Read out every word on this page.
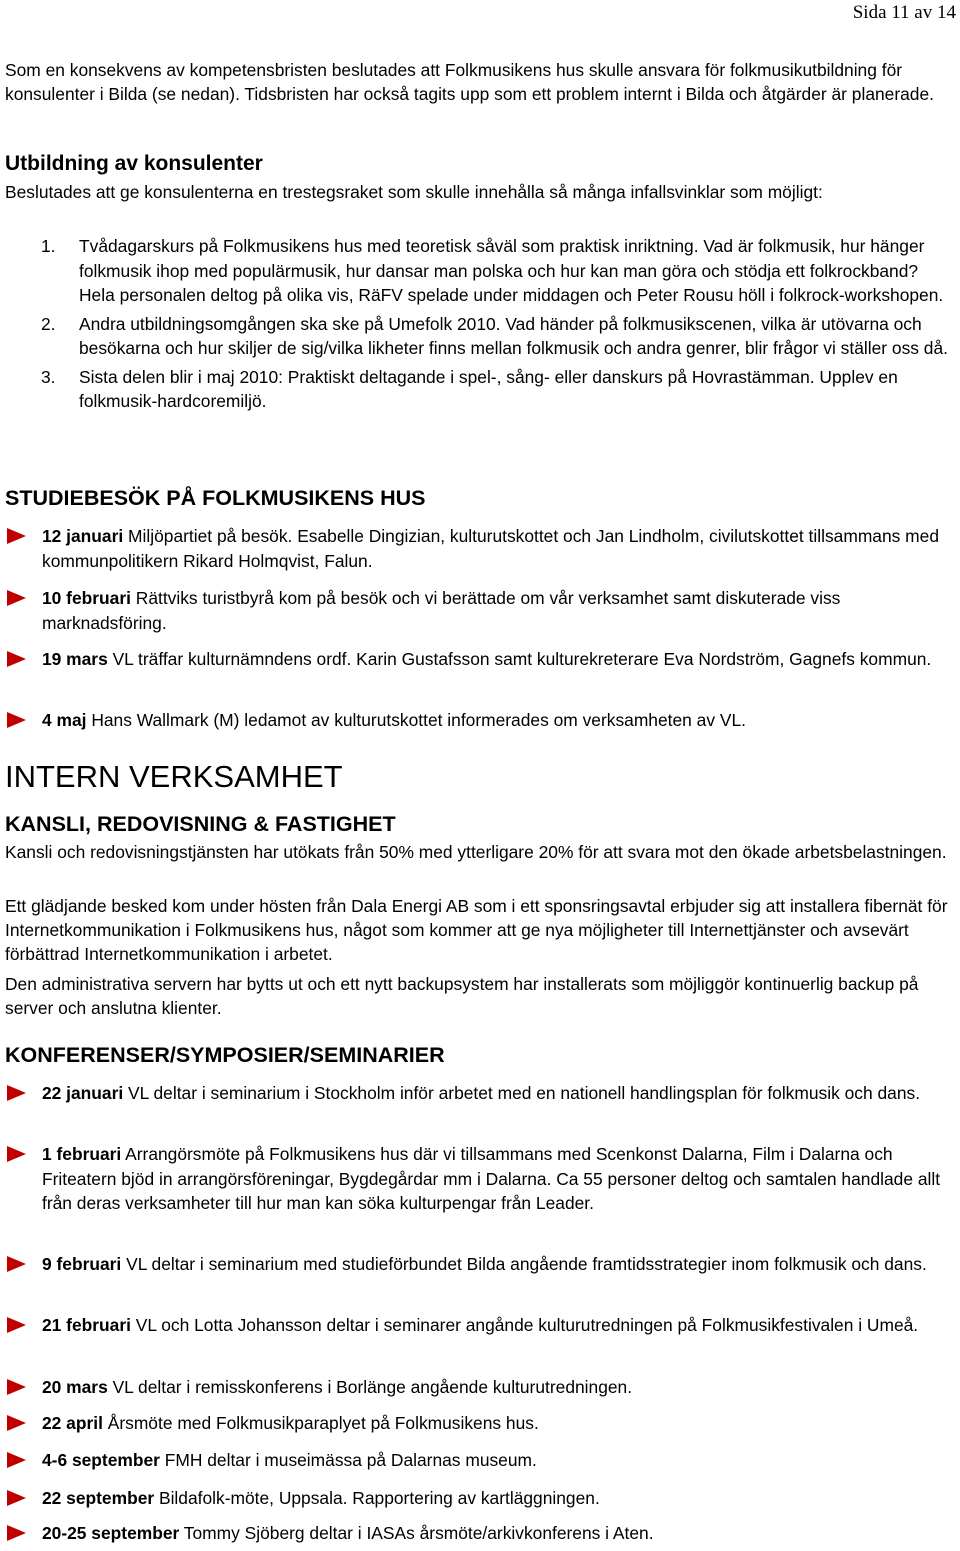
Sida 11 av 14
Som en konsekvens av kompetensbristen beslutades att Folkmusikens hus skulle ansvara för folkmusikutbildning för konsulenter i Bilda (se nedan). Tidsbristen har också tagits upp som ett problem internt i Bilda och åtgärder är planerade.
Utbildning av konsulenter
Beslutades att ge konsulenterna en trestegsraket som skulle innehålla så många infallsvinklar som möjligt:
1. Tvådagarskurs på Folkmusikens hus med teoretisk såväl som praktisk inriktning. Vad är folkmusik, hur hänger folkmusik ihop med populärmusik, hur dansar man polska och hur kan man göra och stödja ett folkrockband? Hela personalen deltog på olika vis, RäFV spelade under middagen och Peter Rousu höll i folkrock-workshopen.
2. Andra utbildningsomgången ska ske på Umefolk 2010. Vad händer på folkmusikscenen, vilka är utövarna och besökarna och hur skiljer de sig/vilka likheter finns mellan folkmusik och andra genrer, blir frågor vi ställer oss då.
3. Sista delen blir i maj 2010: Praktiskt deltagande i spel-, sång- eller danskurs på Hovrastämman. Upplev en folkmusik-hardcoremiljö.
STUDIEBESÖK PÅ FOLKMUSIKENS HUS
12 januari Miljöpartiet på besök. Esabelle Dingizian, kulturutskottet och Jan Lindholm, civilutskottet tillsammans med kommunpolitikern Rikard Holmqvist, Falun.
10 februari Rättviks turistbyrå kom på besök och vi berättade om vår verksamhet samt diskuterade viss marknadsföring.
19 mars VL träffar kulturnämndens ordf. Karin Gustafsson samt kulturekreterare Eva Nordström, Gagnefs kommun.
4 maj Hans Wallmark (M) ledamot av kulturutskottet informerades om verksamheten av VL.
INTERN VERKSAMHET
KANSLI, REDOVISNING & FASTIGHET
Kansli och redovisningstjänsten har utökats från 50% med ytterligare 20% för att svara mot den ökade arbetsbelastningen.
Ett glädjande besked kom under hösten från Dala Energi AB som i ett sponsringsavtal erbjuder sig att installera fibernät för Internetkommunikation i Folkmusikens hus, något som kommer att ge nya möjligheter till Internettjänster och avsevärt förbättrad Internetkommunikation i arbetet.
Den administrativa servern har bytts ut och ett nytt backupsystem har installerats som möjliggör kontinuerlig backup på server och anslutna klienter.
KONFERENSER/SYMPOSIER/SEMINARIER
22 januari VL deltar i seminarium i Stockholm inför arbetet med en nationell handlingsplan för folkmusik och dans.
1 februari Arrangörsmöte på Folkmusikens hus där vi tillsammans med Scenkonst Dalarna, Film i Dalarna och Friteatern bjöd in arrangörsföreningar, Bygdegårdar mm i Dalarna. Ca 55 personer deltog och samtalen handlade allt från deras verksamheter till hur man kan söka kulturpengar från Leader.
9 februari VL deltar i seminarium med studieförbundet Bilda angående framtidsstrategier inom folkmusik och dans.
21 februari VL och Lotta Johansson deltar i seminarer angånde kulturutredningen på Folkmusikfestivalen i Umeå.
20 mars VL deltar i remisskonferens i Borlänge angående kulturutredningen.
22 april Årsmöte med Folkmusikparaplyet på Folkmusikens hus.
4-6 september FMH deltar i museimässa på Dalarnas museum.
22 september Bildafolk-möte, Uppsala. Rapportering av kartläggningen.
20-25 september Tommy Sjöberg deltar i IASAs årsmöte/arkivkonferens i Aten.
